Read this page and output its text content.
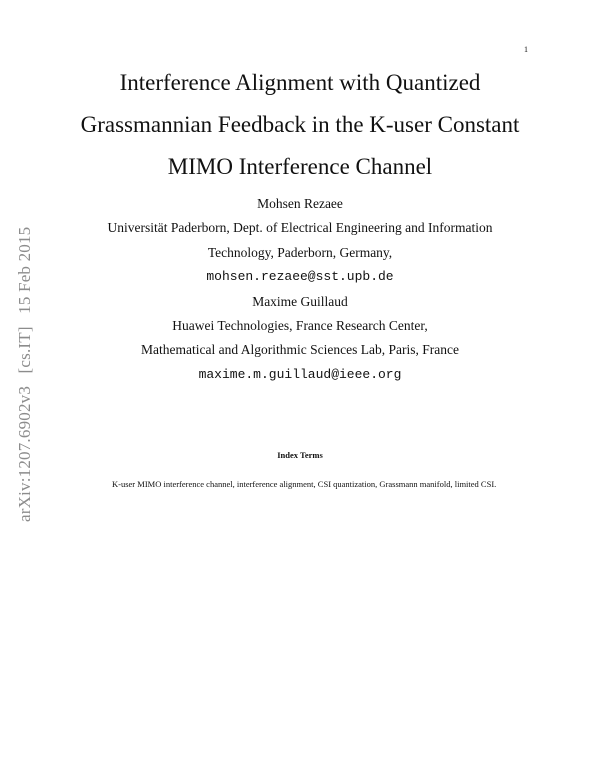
1
arXiv:1207.6902v3 [cs.IT] 15 Feb 2015
Interference Alignment with Quantized
Grassmannian Feedback in the K-user Constant
MIMO Interference Channel
Mohsen Rezaee
Universität Paderborn, Dept. of Electrical Engineering and Information
Technology, Paderborn, Germany,
mohsen.rezaee@sst.upb.de
Maxime Guillaud
Huawei Technologies, France Research Center,
Mathematical and Algorithmic Sciences Lab, Paris, France
maxime.m.guillaud@ieee.org
Index Terms
K-user MIMO interference channel, interference alignment, CSI quantization, Grassmann manifold, limited CSI.
